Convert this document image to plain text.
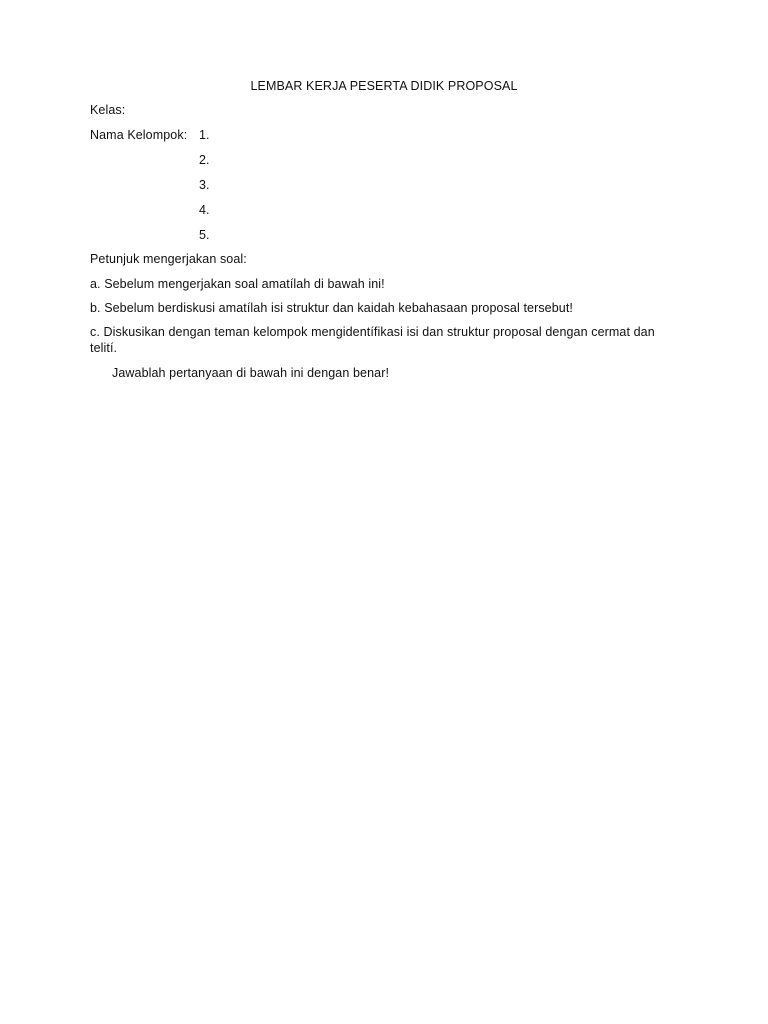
LEMBAR KERJA PESERTA DIDIK PROPOSAL
Kelas:
Nama Kelompok: 1.
2.
3.
4.
5.
Petunjuk mengerjakan soal:
a. Sebelum mengerjakan soal amatílah di bawah ini!
b. Sebelum berdiskusi amatílah isi struktur dan kaidah kebahasaan proposal tersebut!
c. Diskusikan dengan teman kelompok mengidentífikasi isi dan struktur proposal dengan cermat dan telití.
Jawablah pertanyaan di bawah ini dengan benar!
